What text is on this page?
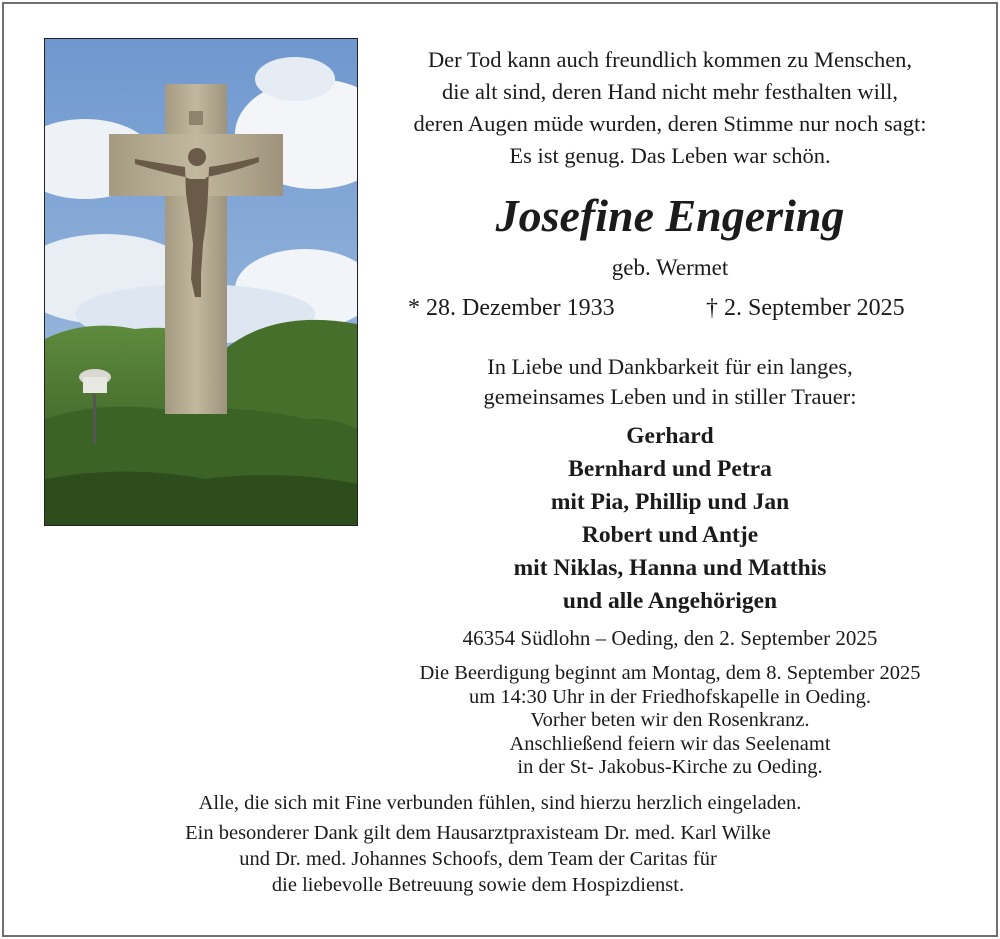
Der Tod kann auch freundlich kommen zu Menschen,
die alt sind, deren Hand nicht mehr festhalten will,
deren Augen müde wurden, deren Stimme nur noch sagt:
Es ist genug. Das Leben war schön.
Josefine Engering
geb. Wermet
* 28. Dezember 1933	† 2. September 2025
In Liebe und Dankbarkeit für ein langes,
gemeinsames Leben und in stiller Trauer:
Gerhard
Bernhard und Petra
mit Pia, Phillip und Jan
Robert und Antje
mit Niklas, Hanna und Matthis
und alle Angehörigen
46354 Südlohn – Oeding, den 2. September 2025
Die Beerdigung beginnt am Montag, dem 8. September 2025
um 14:30 Uhr in der Friedhofskapelle in Oeding.
Vorher beten wir den Rosenkranz.
Anschließend feiern wir das Seelenamt
in der St- Jakobus-Kirche zu Oeding.
Alle, die sich mit Fine verbunden fühlen, sind hierzu herzlich eingeladen.
Ein besonderer Dank gilt dem Hausarztpraxisteam Dr. med. Karl Wilke
und Dr. med. Johannes Schoofs, dem Team der Caritas für
die liebevolle Betreuung sowie dem Hospizdienst.
